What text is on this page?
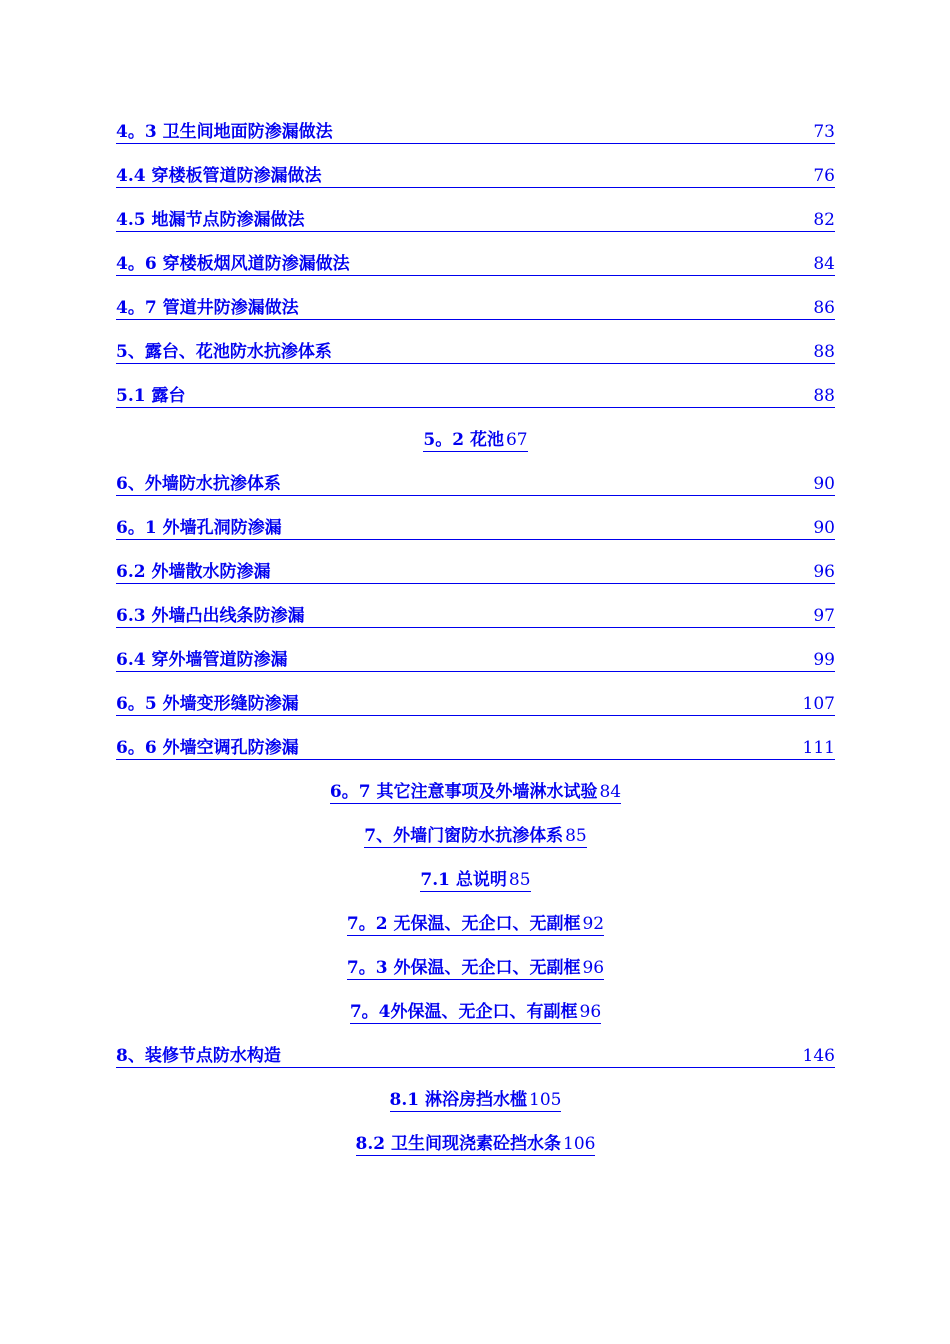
4。3 卫生间地面防渗漏做法	73
4.4 穿楼板管道防渗漏做法	76
4.5 地漏节点防渗漏做法	82
4。6 穿楼板烟风道防渗漏做法	84
4。7 管道井防渗漏做法	86
5、露台、花池防水抗渗体系	88
5.1 露台	88
5。2 花池 67
6、外墙防水抗渗体系	90
6。1 外墙孔洞防渗漏	90
6.2 外墙散水防渗漏	96
6.3 外墙凸出线条防渗漏	97
6.4 穿外墙管道防渗漏	99
6。5 外墙变形缝防渗漏	107
6。6 外墙空调孔防渗漏	111
6。7 其它注意事项及外墙淋水试验 84
7、外墙门窗防水抗渗体系 85
7.1 总说明 85
7。2 无保温、无企口、无副框 92
7。3 外保温、无企口、无副框 96
7。4外保温、无企口、有副框 96
8、装修节点防水构造	146
8.1 淋浴房挡水槛 105
8.2 卫生间现浇素砼挡水条 106
